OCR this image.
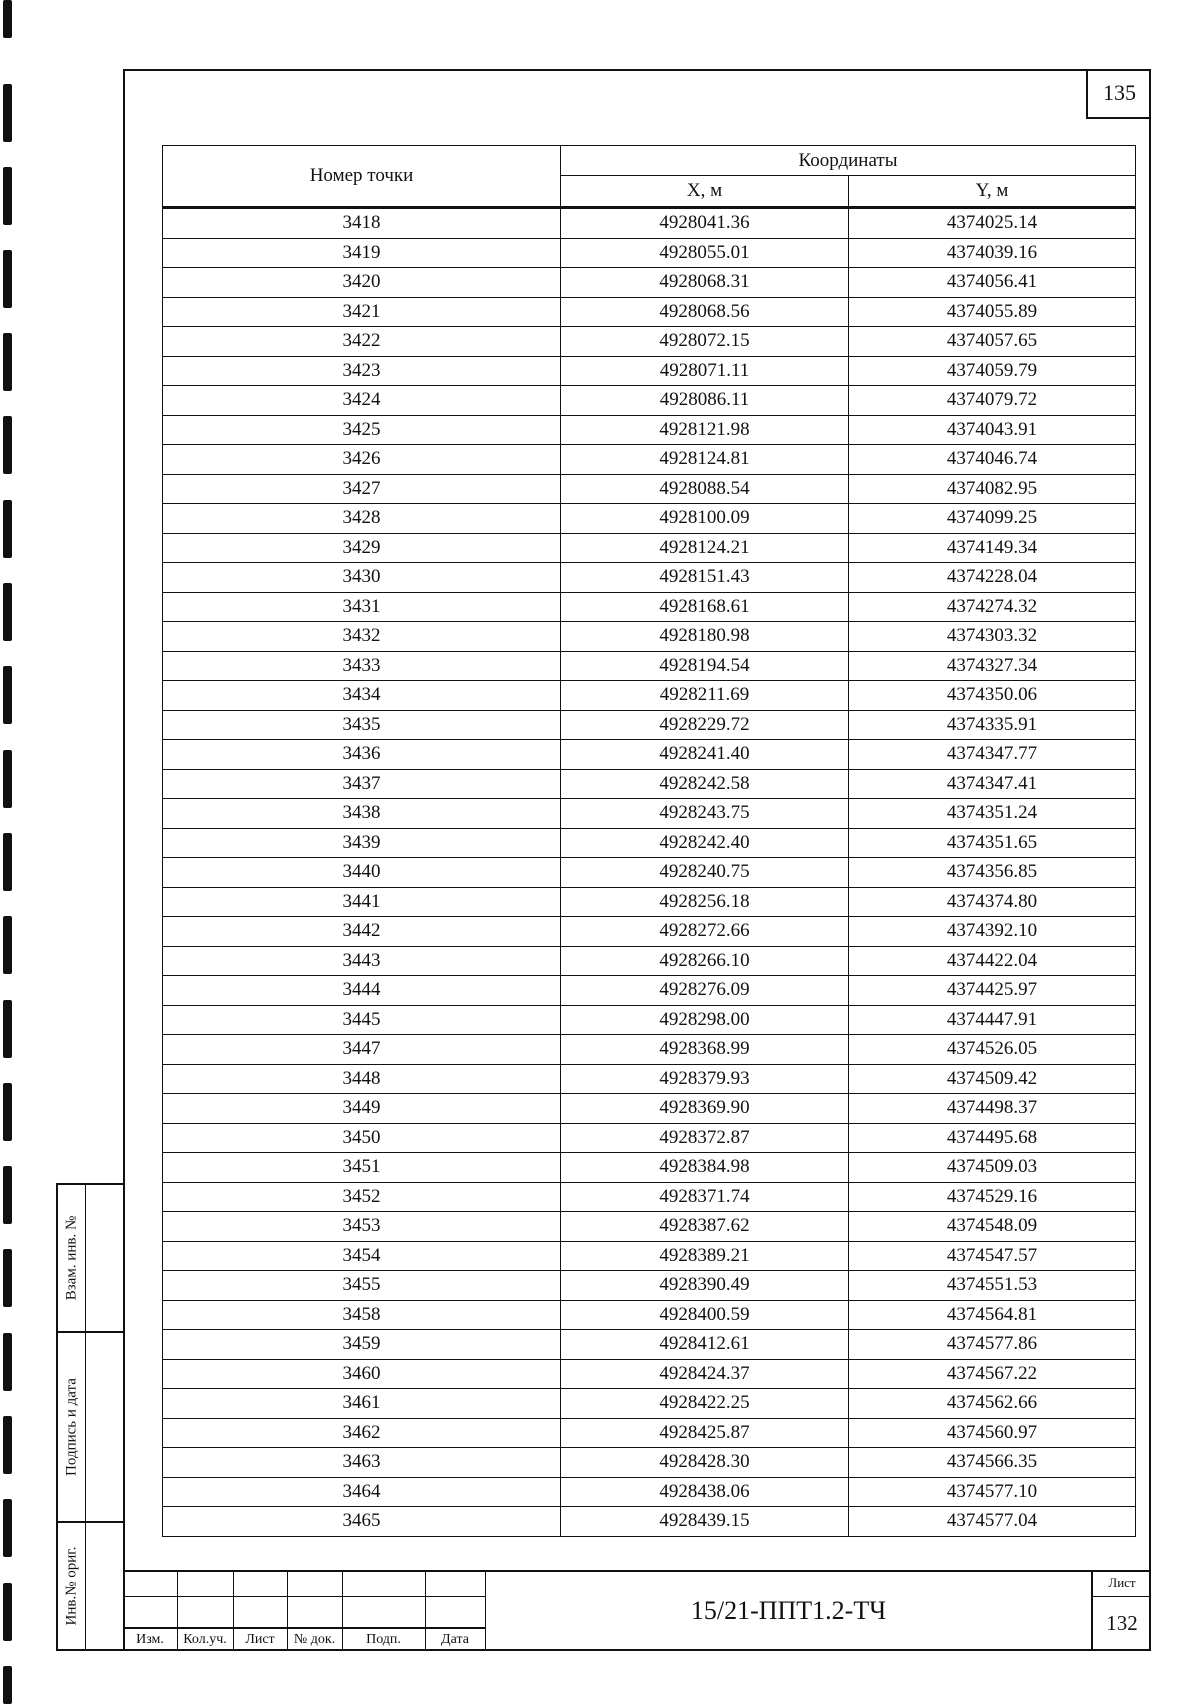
135
Номер точки	Координаты	
	X, м	Y, м
3418	4928041.36	4374025.14
3419	4928055.01	4374039.16
3420	4928068.31	4374056.41
3421	4928068.56	4374055.89
3422	4928072.15	4374057.65
3423	4928071.11	4374059.79
3424	4928086.11	4374079.72
3425	4928121.98	4374043.91
3426	4928124.81	4374046.74
3427	4928088.54	4374082.95
3428	4928100.09	4374099.25
3429	4928124.21	4374149.34
3430	4928151.43	4374228.04
3431	4928168.61	4374274.32
3432	4928180.98	4374303.32
3433	4928194.54	4374327.34
3434	4928211.69	4374350.06
3435	4928229.72	4374335.91
3436	4928241.40	4374347.77
3437	4928242.58	4374347.41
3438	4928243.75	4374351.24
3439	4928242.40	4374351.65
3440	4928240.75	4374356.85
3441	4928256.18	4374374.80
3442	4928272.66	4374392.10
3443	4928266.10	4374422.04
3444	4928276.09	4374425.97
3445	4928298.00	4374447.91
3447	4928368.99	4374526.05
3448	4928379.93	4374509.42
3449	4928369.90	4374498.37
3450	4928372.87	4374495.68
3451	4928384.98	4374509.03
3452	4928371.74	4374529.16
3453	4928387.62	4374548.09
3454	4928389.21	4374547.57
3455	4928390.49	4374551.53
3458	4928400.59	4374564.81
3459	4928412.61	4374577.86
3460	4928424.37	4374567.22
3461	4928422.25	4374562.66
3462	4928425.87	4374560.97
3463	4928428.30	4374566.35
3464	4928438.06	4374577.10
3465	4928439.15	4374577.04
Взам. инв. №
Подпись и дата
Инв.№ ориг.
Изм.	Кол.уч.	Лист	№ док.	Подп.	Дата
15/21-ППТ1.2-ТЧ
Лист
132
